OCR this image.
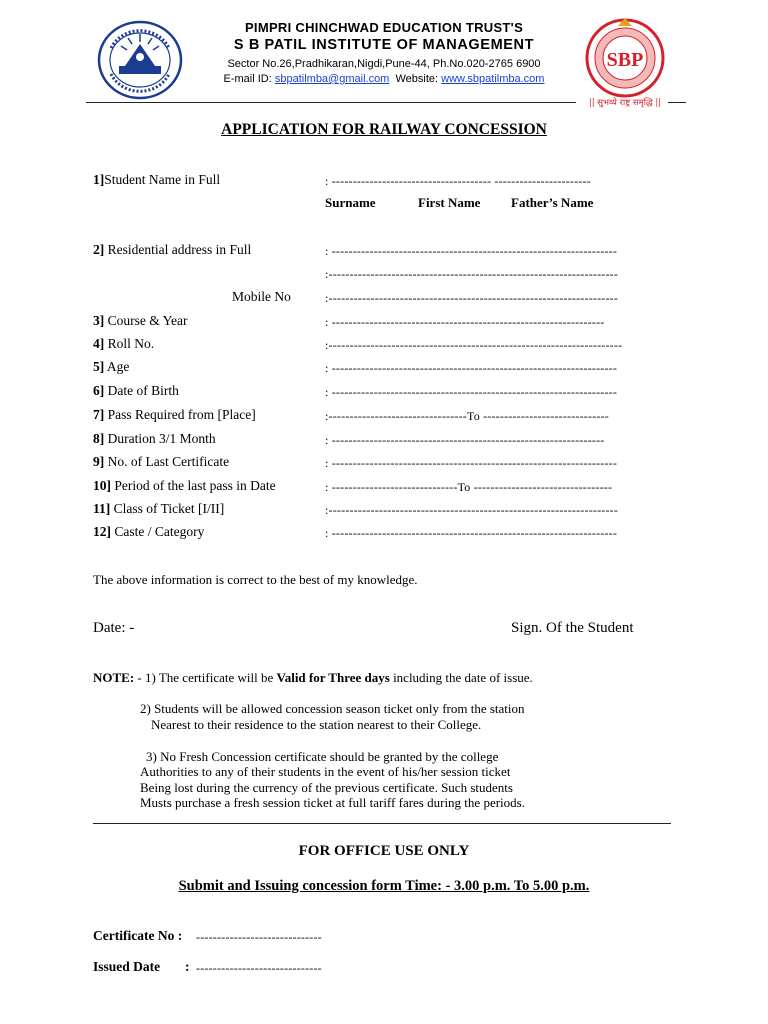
SBP
|| सुभव्ये राष्ट्र समृद्धि ||
PIMPRI CHINCHWAD EDUCATION TRUST'S
S B PATIL INSTITUTE OF MANAGEMENT
Sector No.26,Pradhikaran,Nigdi,Pune-44, Ph.No.020-2765 6900
E-mail ID: sbpatilmba@gmail.com Website: www.sbpatilmba.com
APPLICATION FOR RAILWAY CONCESSION
1]Student Name in Full	: -------------------------------------- -----------------------
Surname	First Name Father’s Name
2] Residential address in Full	: --------------------------------------------------------------------
:---------------------------------------------------------------------
Mobile No	:---------------------------------------------------------------------
3] Course & Year	: -----------------------------------------------------------------
4] Roll No.	:----------------------------------------------------------------------
5] Age	: --------------------------------------------------------------------
6] Date of Birth	: --------------------------------------------------------------------
7] Pass Required from [Place]	:---------------------------------To ------------------------------
8] Duration 3/1 Month	: -----------------------------------------------------------------
9] No. of Last Certificate	: --------------------------------------------------------------------
10] Period of the last pass in Date	: ------------------------------To ---------------------------------
11] Class of Ticket [I/II]	:---------------------------------------------------------------------
12] Caste / Category	: --------------------------------------------------------------------
The above information is correct to the best of my knowledge.
Date: -	Sign. Of the Student
NOTE: - 1) The certificate will be Valid for Three days including the date of issue.
2) Students will be allowed concession season ticket only from the station
Nearest to their residence to the station nearest to their College.
3) No Fresh Concession certificate should be granted by the college
Authorities to any of their students in the event of his/her session ticket
Being lost during the currency of the previous certificate. Such students
Musts purchase a fresh session ticket at full tariff fares during the periods.
FOR OFFICE USE ONLY
Submit and Issuing concession form Time: - 3.00 p.m. To 5.00 p.m.
Certificate No : ------------------------------
Issued Date : ------------------------------
